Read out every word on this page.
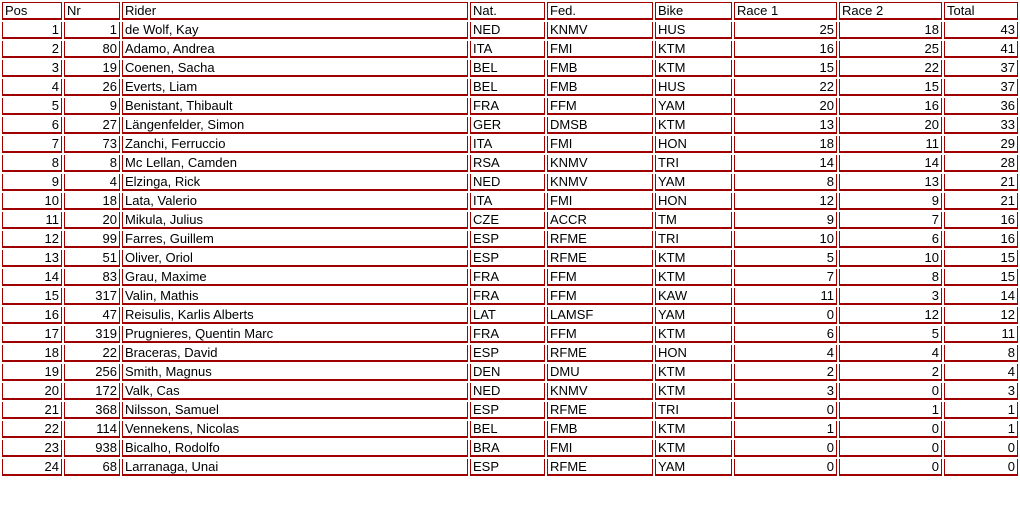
Pos	Nr	Rider	Nat.	Fed.	Bike	Race 1	Race 2	Total
1	1	de Wolf, Kay	NED	KNMV	HUS	25	18	43
2	80	Adamo, Andrea	ITA	FMI	KTM	16	25	41
3	19	Coenen, Sacha	BEL	FMB	KTM	15	22	37
4	26	Everts, Liam	BEL	FMB	HUS	22	15	37
5	9	Benistant, Thibault	FRA	FFM	YAM	20	16	36
6	27	Längenfelder, Simon	GER	DMSB	KTM	13	20	33
7	73	Zanchi, Ferruccio	ITA	FMI	HON	18	11	29
8	8	Mc Lellan, Camden	RSA	KNMV	TRI	14	14	28
9	4	Elzinga, Rick	NED	KNMV	YAM	8	13	21
10	18	Lata, Valerio	ITA	FMI	HON	12	9	21
11	20	Mikula, Julius	CZE	ACCR	TM	9	7	16
12	99	Farres, Guillem	ESP	RFME	TRI	10	6	16
13	51	Oliver, Oriol	ESP	RFME	KTM	5	10	15
14	83	Grau, Maxime	FRA	FFM	KTM	7	8	15
15	317	Valin, Mathis	FRA	FFM	KAW	11	3	14
16	47	Reisulis, Karlis Alberts	LAT	LAMSF	YAM	0	12	12
17	319	Prugnieres, Quentin Marc	FRA	FFM	KTM	6	5	11
18	22	Braceras, David	ESP	RFME	HON	4	4	8
19	256	Smith, Magnus	DEN	DMU	KTM	2	2	4
20	172	Valk, Cas	NED	KNMV	KTM	3	0	3
21	368	Nilsson, Samuel	ESP	RFME	TRI	0	1	1
22	114	Vennekens, Nicolas	BEL	FMB	KTM	1	0	1
23	938	Bicalho, Rodolfo	BRA	FMI	KTM	0	0	0
24	68	Larranaga, Unai	ESP	RFME	YAM	0	0	0
